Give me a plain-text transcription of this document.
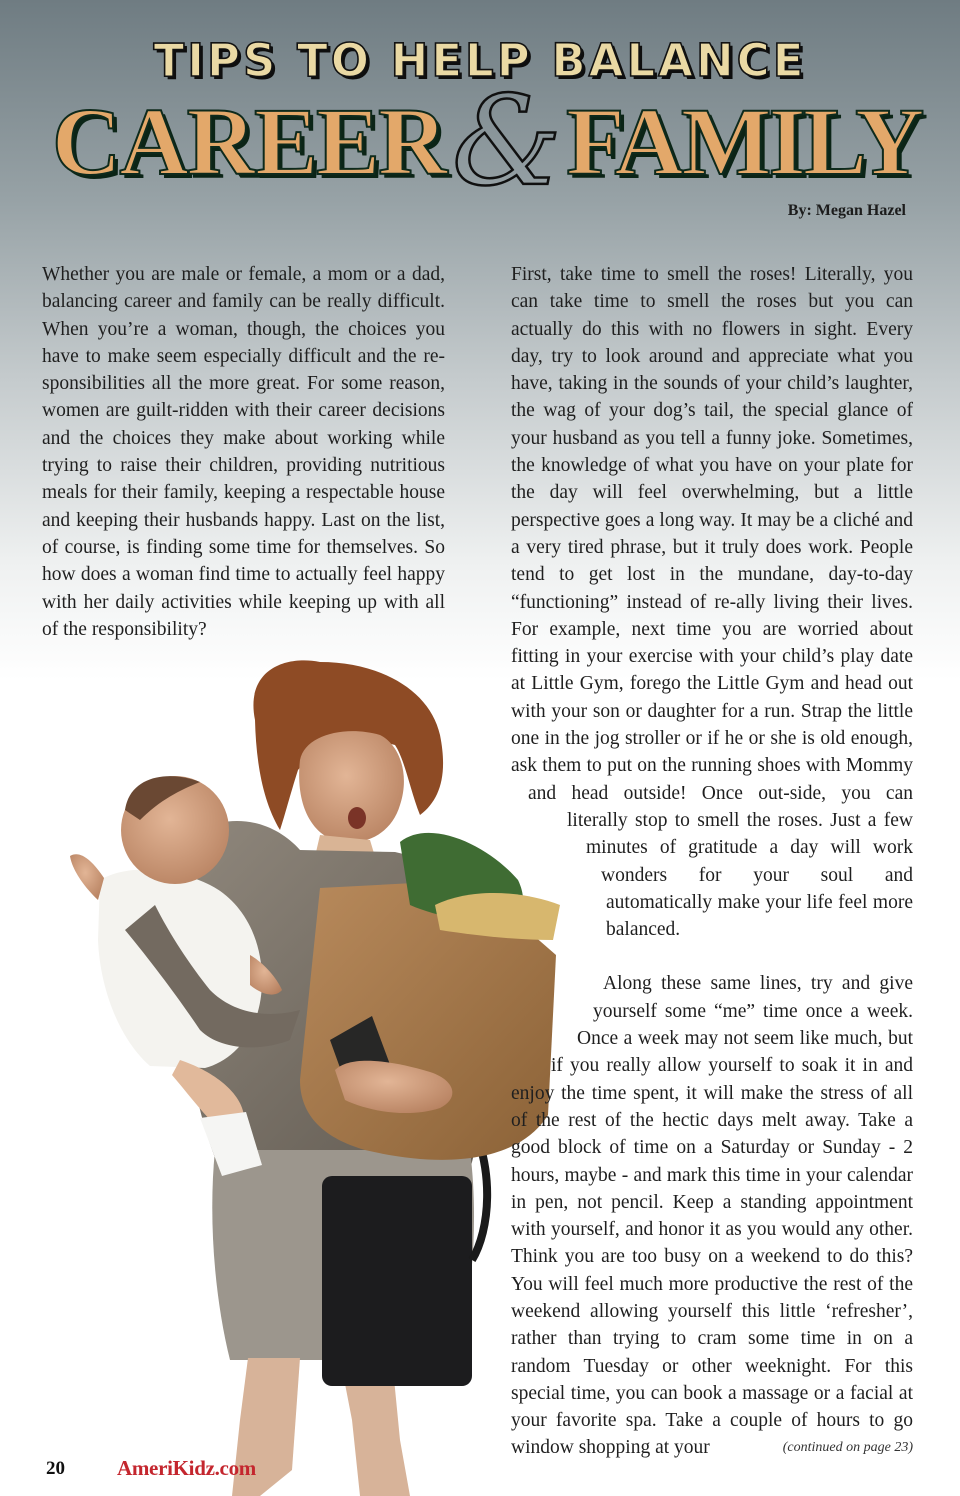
TIPS TO HELP BALANCE
CAREER & FAMILY
By: Megan Hazel

Whether you are male or female, a mom or a dad, balancing career and family can be really difficult. When you’re a woman, though, the choices you have to make seem especially difficult and the re-sponsibilities all the more great. For some reason, women are guilt-ridden with their career decisions and the choices they make about working while trying to raise their children, providing nutritious meals for their family, keeping a respectable house and keeping their husbands happy. Last on the list, of course, is finding some time for themselves. So how does a woman find time to actually feel happy with her daily activities while keeping up with all of the responsibility?

First, take time to smell the roses! Literally, you can take time to smell the roses but you can actually do this with no flowers in sight. Every day, try to look around and appreciate what you have, taking in the sounds of your child’s laughter, the wag of your dog’s tail, the special glance of your husband as you tell a funny joke. Sometimes, the knowledge of what you have on your plate for the day will feel overwhelming, but a little perspective goes a long way. It may be a cliché and a very tired phrase, but it truly does work. People tend to get lost in the mundane, day-to-day “functioning” instead of re-ally living their lives. For example, next time you are worried about fitting in your exercise with your child’s play date at Little Gym, forego the Little Gym and head out with your son or daughter for a run. Strap the little one in the jog stroller or if he or she is old enough, ask them to put on the running shoes with Mommy and head outside! Once out-side, you can literally stop to smell the roses. Just a few minutes of gratitude a day will work wonders for your soul and automatically make your life feel more balanced.
Along these same lines, try and give yourself some “me” time once a week. Once a week may not seem like much, but if you really allow yourself to soak it in and enjoy the time spent, it will make the stress of all of the rest of the hectic days melt away. Take a good block of time on a Saturday or Sunday - 2 hours, maybe - and mark this time in your calendar in pen, not pencil. Keep a standing appointment with yourself, and honor it as you would any other. Think you are too busy on a weekend to do this? You will feel much more productive the rest of the weekend allowing yourself this little ‘refresher’, rather than trying to cram some time in on a random Tuesday or other weeknight. For this special time, you can book a massage or a facial at your favorite spa. Take a couple of hours to go window shopping at your	(continued on page 23)
20 AmeriKidz.com
